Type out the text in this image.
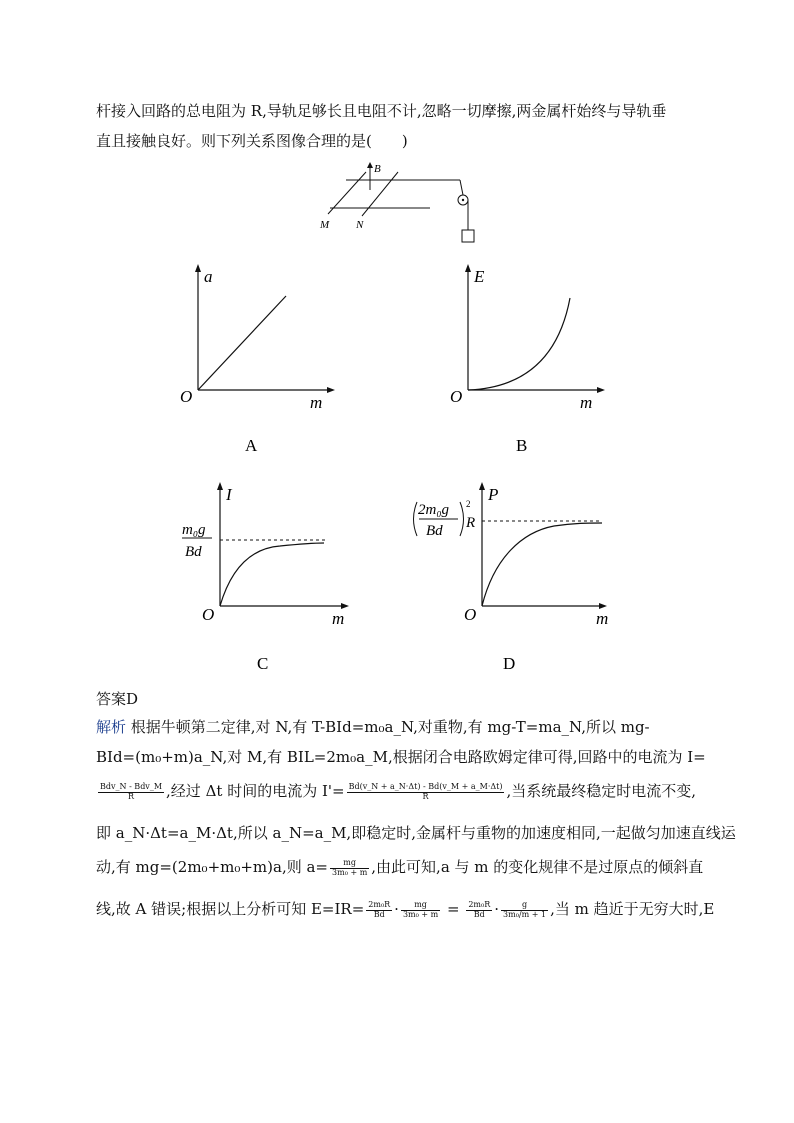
杆接入回路的总电阻为 R,导轨足够长且电阻不计,忽略一切摩擦,两金属杆始终与导轨垂
直且接触良好。则下列关系图像合理的是(　　)
B
M N
a
m
O
A
E
m
O
B
m₀g
Bd
I
m
O
C
2m₀g
Bd
2
R
P
m
O
D
答案D
解析 根据牛顿第二定律,对 N,有 T-BId=m₀a_N,对重物,有 mg-T=ma_N,所以 mg-
BId=(m₀+m)a_N,对 M,有 BIL=2m₀a_M,根据闭合电路欧姆定律可得,回路中的电流为 I=
$\frac{\text{Bdv\_N - Bdv\_M}}{R}$ ,经过 Δt 时间的电流为 $I'= \frac{Bd(v\_N + a\_N\cdot\Delta t) - Bd(v\_M + a\_M\cdot\Delta t)}{R}$ ,当系统最终稳定时电流不变,
即 a_N·Δt=a_M·Δt,所以 a_N=a_M,即稳定时,金属杆与重物的加速度相同,一起做匀加速直线运
动,有 mg=(2m₀+m₀+m)a,则 $a= \frac{mg}{\text{3m₀ + m}}$ ,由此可知,a 与 m 的变化规律不是过原点的倾斜直
线,故 A 错误;根据以上分析可知 $E=IR= \frac{\text{2m₀R}}{Bd} \cdot \frac{mg}{\text{3m₀ + m}} = \frac{\text{2m₀R}}{Bd} \cdot \frac{g}{\text{3m₀/m + 1}}$ ,当 m 趋近于无穷大时,E
